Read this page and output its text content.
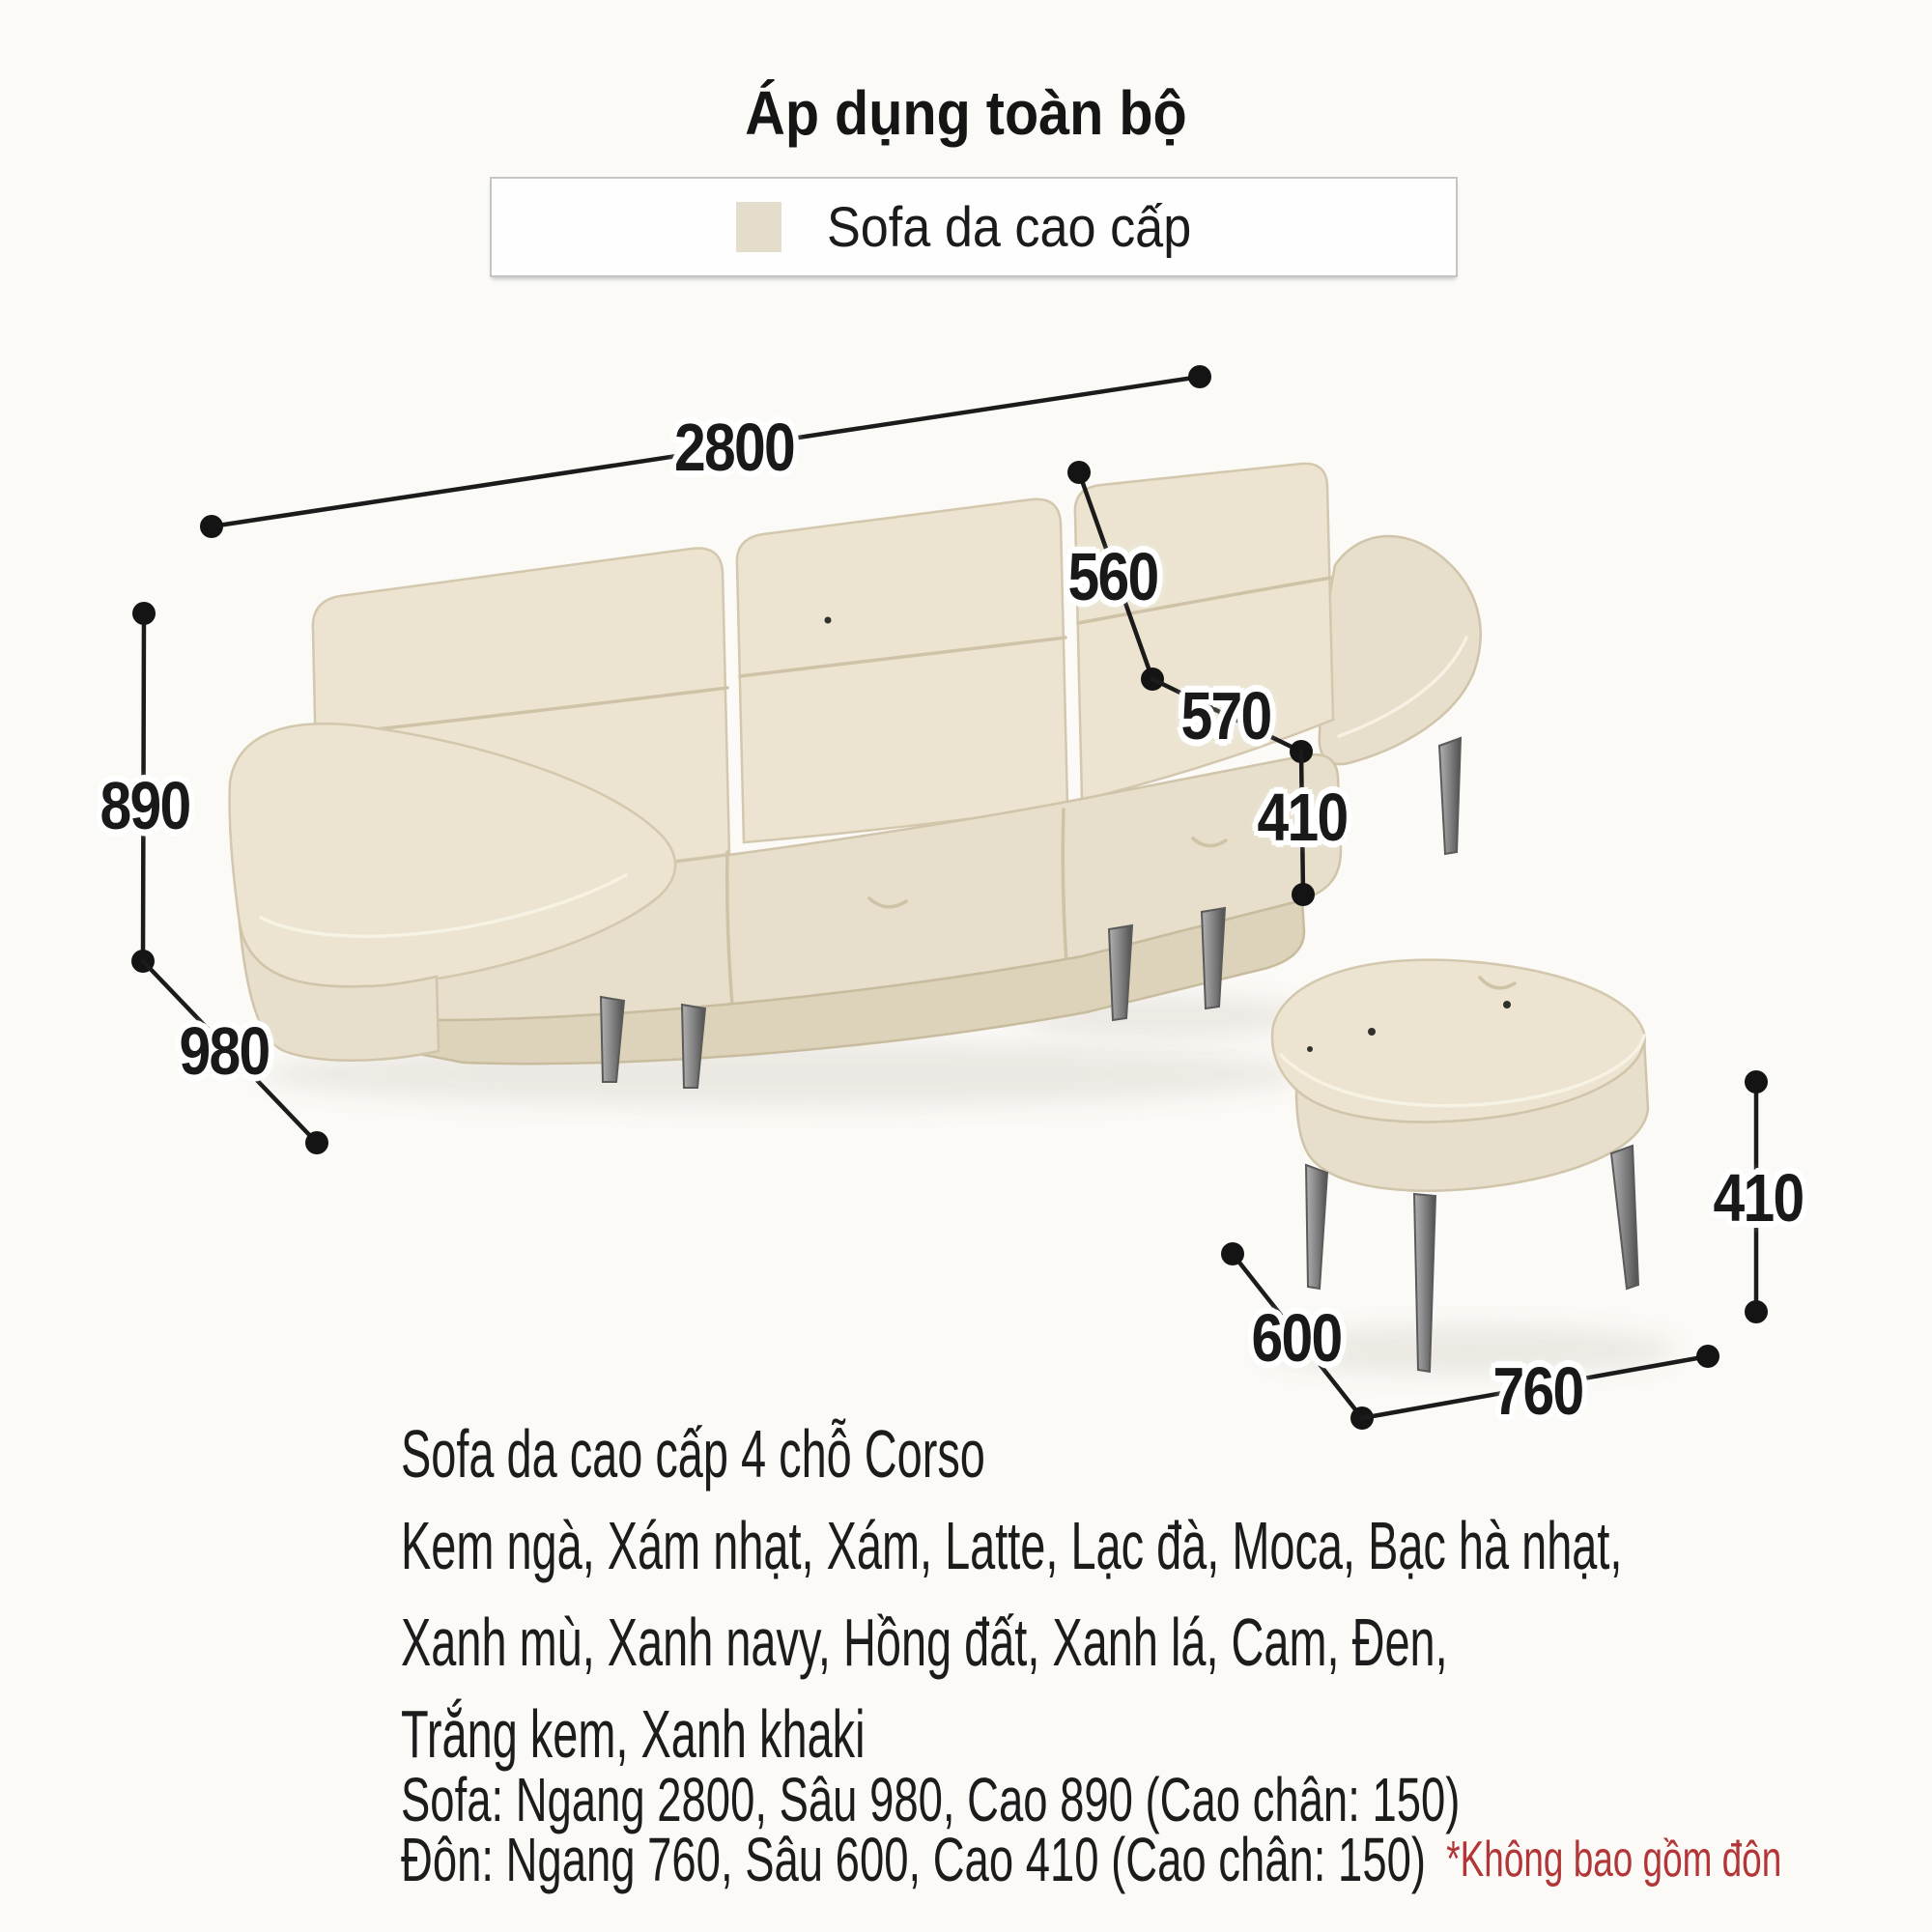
Áp dụng toàn bộ
Sofa da cao cấp
2800
890
980
560
570
410
410
600
760
Sofa da cao cấp 4 chỗ Corso
Kem ngà, Xám nhạt, Xám, Latte, Lạc đà, Moca, Bạc hà nhạt,
Xanh mù, Xanh navy, Hồng đất, Xanh lá, Cam, Đen,
Trắng kem, Xanh khaki
Sofa: Ngang 2800, Sâu 980, Cao 890 (Cao chân: 150)
Đôn: Ngang 760, Sâu 600, Cao 410 (Cao chân: 150) *Không bao gồm đôn
